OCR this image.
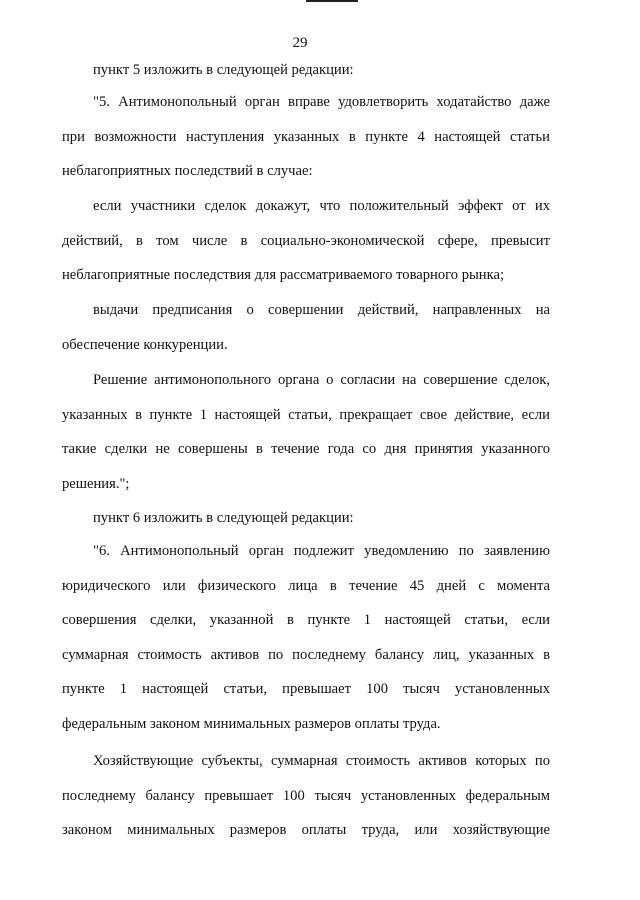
29
пункт 5 изложить в следующей редакции:
"5. Антимонопольный орган вправе удовлетворить ходатайство даже
при возможности наступления указанных в пункте 4 настоящей статьи
неблагоприятных последствий в случае:
если участники сделок докажут, что положительный эффект от их
действий, в том числе в социально-экономической сфере, превысит
неблагоприятные последствия для рассматриваемого товарного рынка;
выдачи предписания о совершении действий, направленных на
обеспечение конкуренции.
Решение антимонопольного органа о согласии на совершение сделок,
указанных в пункте 1 настоящей статьи, прекращает свое действие, если
такие сделки не совершены в течение года со дня принятия указанного
решения.";
пункт 6 изложить в следующей редакции:
"6. Антимонопольный орган подлежит уведомлению по заявлению
юридического или физического лица в течение 45 дней с момента
совершения сделки, указанной в пункте 1 настоящей статьи, если
суммарная стоимость активов по последнему балансу лиц, указанных в
пункте 1 настоящей статьи, превышает 100 тысяч установленных
федеральным законом минимальных размеров оплаты труда.
Хозяйствующие субъекты, суммарная стоимость активов которых по
последнему балансу превышает 100 тысяч установленных федеральным
законом минимальных размеров оплаты труда, или хозяйствующие
